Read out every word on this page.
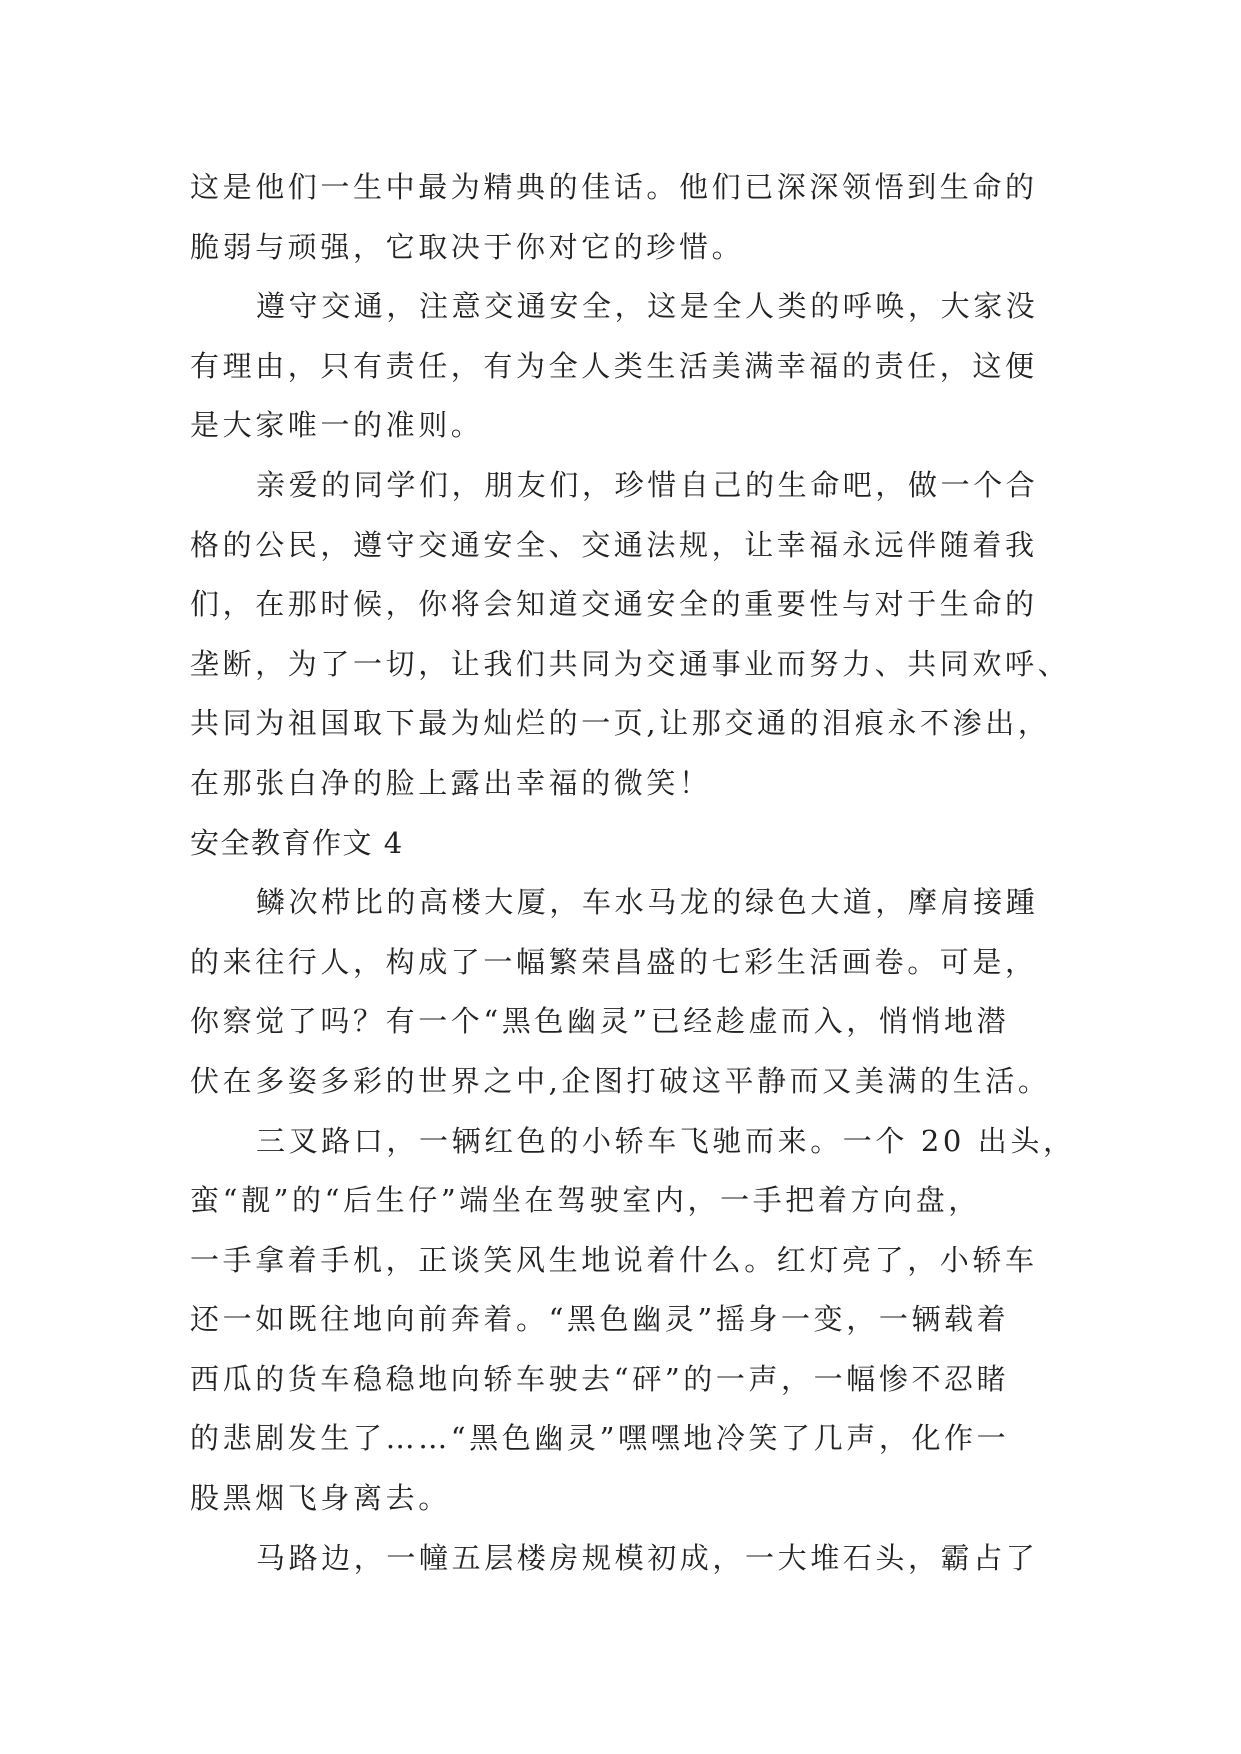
这是他们一生中最为精典的佳话。他们已深深领悟到生命的
脆弱与顽强，它取决于你对它的珍惜。
遵守交通，注意交通安全，这是全人类的呼唤，大家没
有理由，只有责任，有为全人类生活美满幸福的责任，这便
是大家唯一的准则。
亲爱的同学们，朋友们，珍惜自己的生命吧，做一个合
格的公民，遵守交通安全、交通法规，让幸福永远伴随着我
们，在那时候，你将会知道交通安全的重要性与对于生命的
垄断，为了一切，让我们共同为交通事业而努力、共同欢呼、
共同为祖国取下最为灿烂的一页,让那交通的泪痕永不渗出，
在那张白净的脸上露出幸福的微笑！
安全教育作文 4
鳞次栉比的高楼大厦，车水马龙的绿色大道，摩肩接踵
的来往行人，构成了一幅繁荣昌盛的七彩生活画卷。可是，
你察觉了吗？有一个“黑色幽灵”已经趁虚而入，悄悄地潜
伏在多姿多彩的世界之中,企图打破这平静而又美满的生活。
三叉路口，一辆红色的小轿车飞驰而来。一个 20 出头，
蛮“靓”的“后生仔”端坐在驾驶室内，一手把着方向盘，
一手拿着手机，正谈笑风生地说着什么。红灯亮了，小轿车
还一如既往地向前奔着。“黑色幽灵”摇身一变，一辆载着
西瓜的货车稳稳地向轿车驶去“砰”的一声，一幅惨不忍睹
的悲剧发生了……“黑色幽灵”嘿嘿地冷笑了几声，化作一
股黑烟飞身离去。
马路边，一幢五层楼房规模初成，一大堆石头，霸占了
